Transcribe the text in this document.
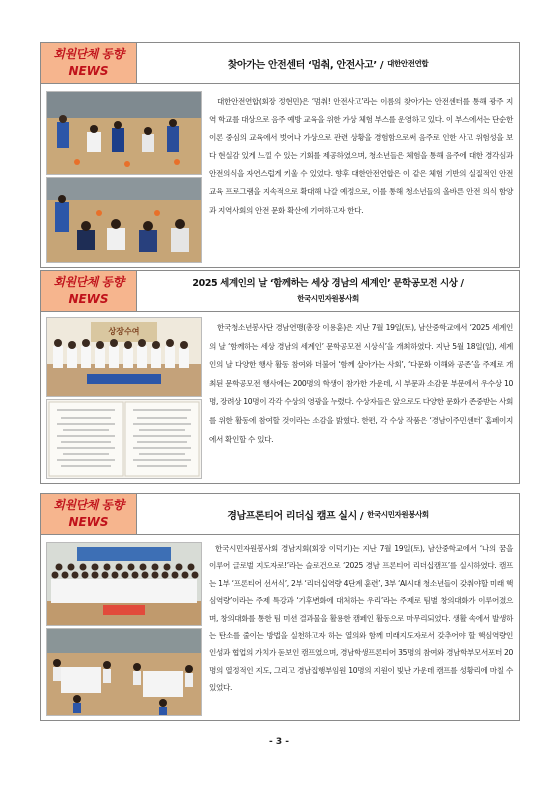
회원단체 동향
NEWS	찾아가는 안전센터 ‘멈춰, 안전사고’ / 대한안전연합
대한안전연합(회장 정현민)은 ‘멈춰! 안전사고’라는 이름의 찾아가는 안전센터를 통해 광주 지역 학교를 대상으로 음주 예방 교육을 위한 가상 체험 부스를 운영하고 있다. 이 부스에서는 단순한 이론 중심의 교육에서 벗어나 가상으로 관련 상황을 경험함으로써 음주로 인한 사고 위험성을 보다 현실감 있게 느낄 수 있는 기회를 제공하였으며, 청소년들은 체험을 통해 음주에 대한 경각심과 안전의식을 자연스럽게 키울 수 있었다. 향후 대한안전연합은 이 같은 체험 기반의 실질적인 안전교육 프로그램을 지속적으로 확대해 나갈 예정으로, 이를 통해 청소년들의 올바른 안전 의식 함양과 지역사회의 안전 문화 확산에 기여하고자 한다.
회원단체 동향
NEWS
2025 세계인의 날 ‘함께하는 세상 경남의 세계인’ 문학공모전 시상 /
한국시민자원봉사회
상장수여	한국청소년봉사단 경남연맹(총장 이용훈)은 지난 7월 19일(토), 남산중학교에서 ‘2025 세계인의 날 ‘함께하는 세상 경남의 세계인’ 문학공모전 시상식’을 개최하였다. 지난 5월 18일(일), 세계인의 날 다양한 행사 활동 참여와 더불어 ‘함께 살아가는 사회’, ‘다문화 이해와 공존’을 주제로 개최된 문학공모전 행사에는 200명의 학생이 참가한 가운데, 시 부문과 소감문 부문에서 우수상 10명, 장려상 10명이 각각 수상의 영광을 누렸다. 수상자들은 앞으로도 다양한 문화가 존중받는 사회를 위한 활동에 참여할 것이라는 소감을 밝혔다. 한편, 각 수상 작품은 ‘경남이주민센터’ 홈페이지에서 확인할 수 있다.
회원단체 동향
NEWS	경남프론티어 리더십 캠프 실시 / 한국시민자원봉사회
한국시민자원봉사회 경남지회(회장 이덕기)는 지난 7월 19일(토), 남산중학교에서 ‘나의 꿈을 이루어 글로벌 지도자로!’라는 슬로건으로 ‘2025 경남 프론티어 리더십캠프’를 실시하였다. 캠프는 1부 ‘프론티어 선서식’, 2부 ‘리더십역량 4단계 훈련’, 3부 ‘AI시대 청소년들이 갖춰야할 미래 핵심역량’이라는 주제 특강과 ‘기후변화에 대처하는 우리’라는 주제로 팀별 창의대화가 이루어졌으며, 창의대화를 통한 팀 미션 결과물을 활용한 캠페인 활동으로 마무리되었다. 생활 속에서 발생하는 탄소를 줄이는 방법을 실천하고자 하는 열의와 함께 미래지도자로서 갖추어야 할 핵심역량인 인성과 협업의 가치가 돋보인 캠프였으며, 경남학생프론티어 35명의 참여와 경남학부모서포터 20명의 열정적인 지도, 그리고 경남집행부임원 10명의 지원이 빛난 가운데 캠프를 성황리에 마칠 수 있었다.
- 3 -
